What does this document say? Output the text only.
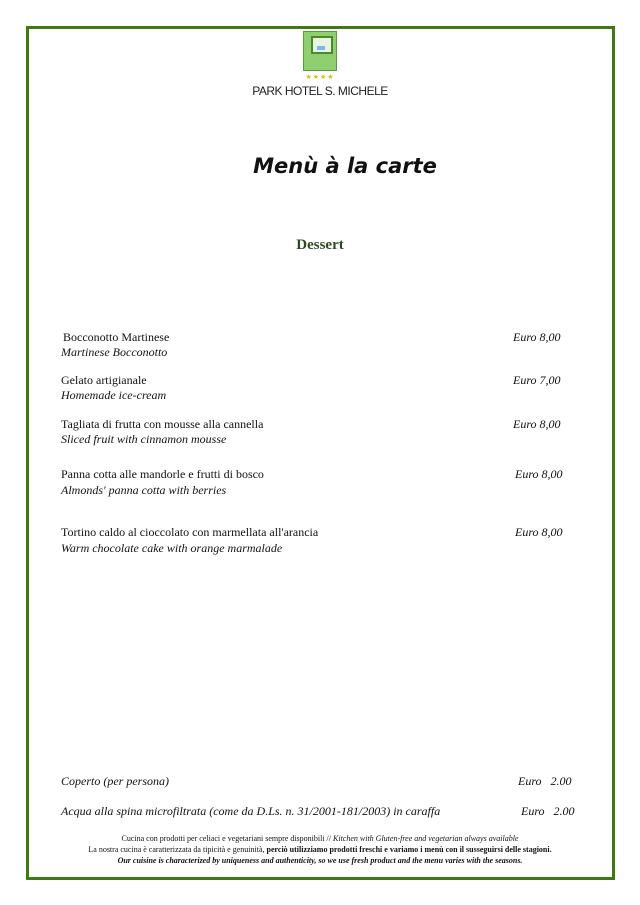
★★★★
PARK HOTEL S. MICHELE
Menù à la carte
Dessert
Bocconotto Martinese
Martinese Bocconotto
Euro 8,00
Gelato artigianale
Homemade ice-cream
Euro 7,00
Tagliata di frutta con mousse alla cannella
Sliced fruit with cinnamon mousse
Euro 8,00
Panna cotta alle mandorle e frutti di bosco
Almonds' panna cotta with berries
Euro 8,00
Tortino caldo al cioccolato con marmellata all'arancia
Warm chocolate cake with orange marmalade
Euro 8,00
Coperto (per persona)	Euro   2.00
Acqua alla spina microfiltrata (come da D.Ls. n. 31/2001-181/2003) in caraffa	Euro   2.00
Cucina con prodotti per celiaci e vegetariani sempre disponibili // Kitchen with Gluten-free and vegetarian always available
La nostra cucina è caratterizzata da tipicità e genuinità, perciò utilizziamo prodotti freschi e variamo i menù con il susseguirsi delle stagioni.
Our cuisine is characterized by uniqueness and authenticity, so we use fresh product and the menu varies with the seasons.
